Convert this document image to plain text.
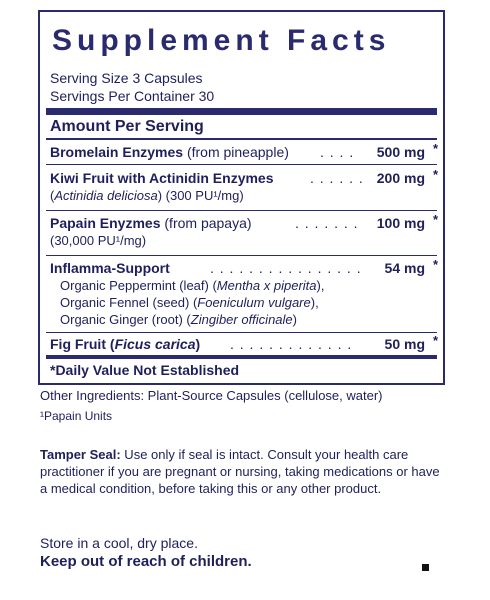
Supplement Facts
Serving Size 3 Capsules
Servings Per Container 30
Amount Per Serving
Bromelain Enzymes (from pineapple) . . . . 500 mg *
Kiwi Fruit with Actinidin Enzymes	. . . . . . 200 mg *
(Actinidia deliciosa) (300 PU¹/mg)
Papain Enyzmes (from papaya)	. . . . . . . 100 mg *
(30,000 PU¹/mg)
Inflamma-Support	. . . . . . . . . . . . . . . . 54 mg *
Organic Peppermint (leaf) (Mentha x piperita),
Organic Fennel (seed) (Foeniculum vulgare),
Organic Ginger (root) (Zingiber officinale)
Fig Fruit (Ficus carica) . . . . . . . . . . . . . 50 mg *
*Daily Value Not Established
Other Ingredients: Plant-Source Capsules (cellulose, water)
¹Papain Units
Tamper Seal: Use only if seal is intact. Consult your health care practitioner if you are pregnant or nursing, taking medications or have a medical condition, before taking this or any other product.
Store in a cool, dry place.
Keep out of reach of children.
